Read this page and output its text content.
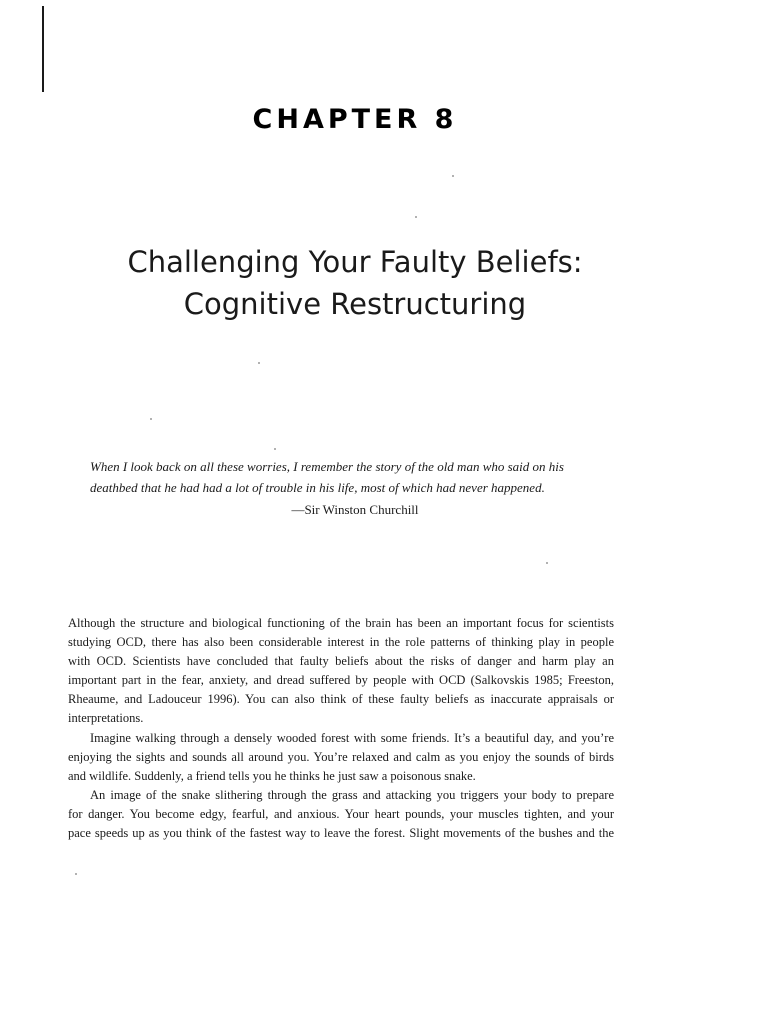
CHAPTER 8
Challenging Your Faulty Beliefs:
Cognitive Restructuring
When I look back on all these worries, I remember the story of the old man who said on his
deathbed that he had had a lot of trouble in his life, most of which had never happened.
—Sir Winston Churchill
Although the structure and biological functioning of the brain has been an important focus for scientists
studying OCD, there has also been considerable interest in the role patterns of thinking play in people
with OCD. Scientists have concluded that faulty beliefs about the risks of danger and harm play an
important part in the fear, anxiety, and dread suffered by people with OCD (Salkovskis 1985; Freeston,
Rheaume, and Ladouceur 1996). You can also think of these faulty beliefs as inaccurate appraisals or
interpretations.
Imagine walking through a densely wooded forest with some friends. It’s a beautiful day, and you’re
enjoying the sights and sounds all around you. You’re relaxed and calm as you enjoy the sounds of birds
and wildlife. Suddenly, a friend tells you he thinks he just saw a poisonous snake.
An image of the snake slithering through the grass and attacking you triggers your body to prepare
for danger. You become edgy, fearful, and anxious. Your heart pounds, your muscles tighten, and your
pace speeds up as you think of the fastest way to leave the forest. Slight movements of the bushes and the
